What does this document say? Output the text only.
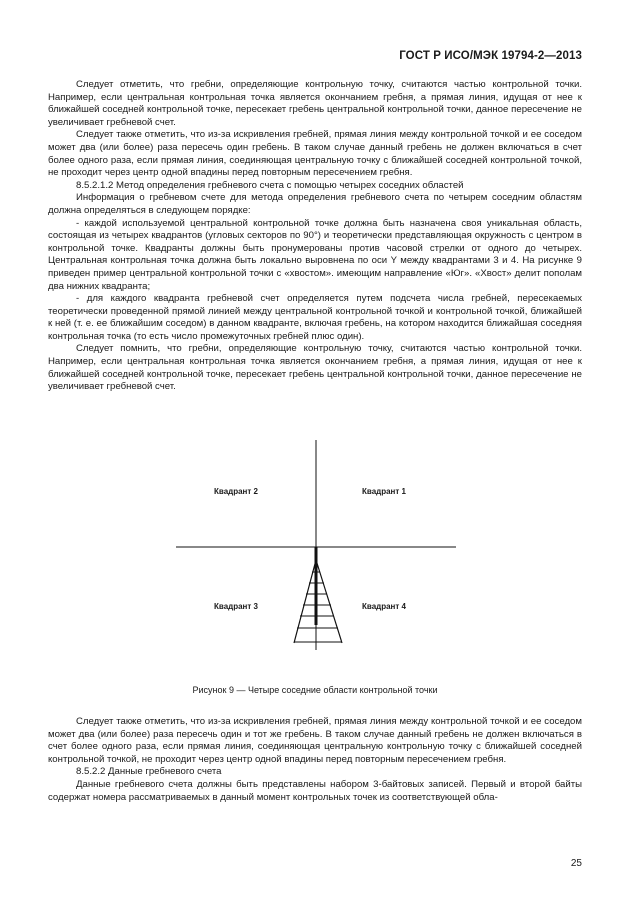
ГОСТ Р ИСО/МЭК 19794-2—2013

Следует отметить, что гребни, определяющие контрольную точку, считаются частью контрольной точки. Например, если центральная контрольная точка является окончанием гребня, а прямая линия, идущая от нее к ближайшей соседней контрольной точке, пересекает гребень центральной контрольной точки, данное пересечение не увеличивает гребневой счет.

Следует также отметить, что из-за искривления гребней, прямая линия между контрольной точкой и ее соседом может два (или более) раза пересечь один гребень. В таком случае данный гребень не должен включаться в счет более одного раза, если прямая линия, соединяющая центральную точку с ближайшей соседней контрольной точкой, не проходит через центр одной впадины перед повторным пересечением гребня.

8.5.2.1.2 Метод определения гребневого счета с помощью четырех соседних областей

Информация о гребневом счете для метода определения гребневого счета по четырем соседним областям должна определяться в следующем порядке:

- каждой используемой центральной контрольной точке должна быть назначена своя уникальная область, состоящая из четырех квадрантов (угловых секторов по 90°) и теоретически представляющая окружность с центром в контрольной точке. Квадранты должны быть пронумерованы против часовой стрелки от одного до четырех. Центральная контрольная точка должна быть локально выровнена по оси Y между квадрантами 3 и 4. На рисунке 9 приведен пример центральной контрольной точки с «хвостом». имеющим направление «Юг». «Хвост» делит пополам два нижних квадранта;

- для каждого квадранта гребневой счет определяется путем подсчета числа гребней, пересекаемых теоретически проведенной прямой линией между центральной контрольной точкой и контрольной точкой, ближайшей к ней (т. е. ее ближайшим соседом) в данном квадранте, включая гребень, на котором находится ближайшая соседняя контрольная точка (то есть число промежуточных гребней плюс один).

Следует помнить, что гребни, определяющие контрольную точку, считаются частью контрольной точки. Например, если центральная контрольная точка является окончанием гребня, а прямая линия, идущая от нее к ближайшей соседней контрольной точке, пересекает гребень центральной контрольной точки, данное пересечение не увеличивает гребневой счет.

Квадрант 2	Квадрант 1
Квадрант 3	Квадрант 4
Рисунок 9 — Четыре соседние области контрольной точки

Следует также отметить, что из-за искривления гребней, прямая линия между контрольной точкой и ее соседом может два (или более) раза пересечь один и тот же гребень. В таком случае данный гребень не должен включаться в счет более одного раза, если прямая линия, соединяющая центральную контрольную точку с ближайшей соседней контрольной точкой, не проходит через центр одной впадины перед повторным пересечением гребня.

8.5.2.2 Данные гребневого счета

Данные гребневого счета должны быть представлены набором 3-байтовых записей. Первый и второй байты содержат номера рассматриваемых в данный момент контрольных точек из соответствующей обла-

25
